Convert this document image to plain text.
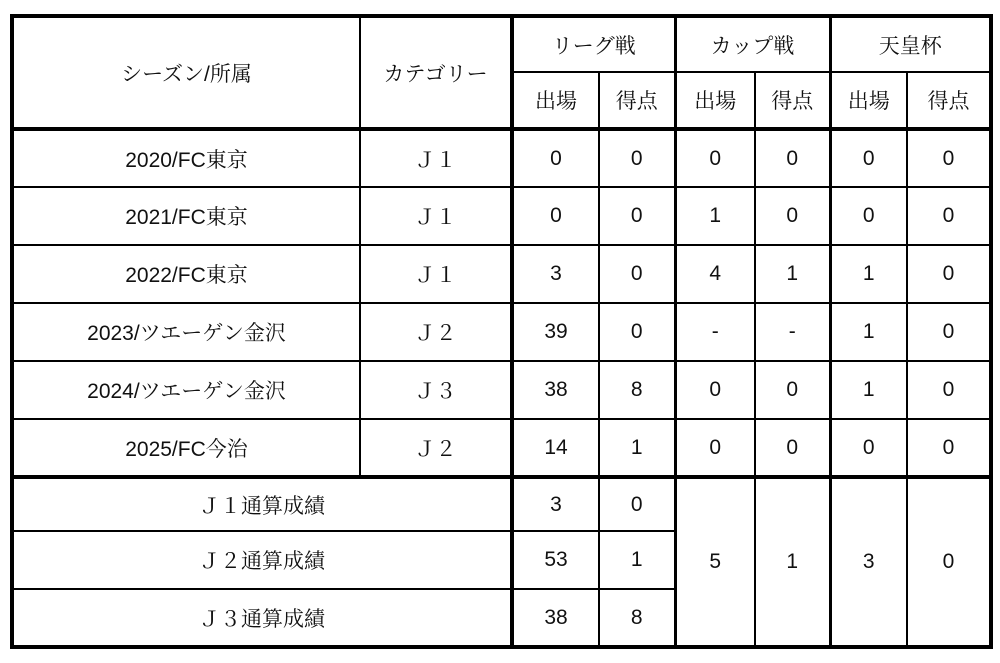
シーズン/所属	カテゴリー	リーグ戦		カップ戦		天皇杯	
		出場	得点	出場	得点	出場	得点
2020/FC東京	Ｊ１	0	0	0	0	0	0
2021/FC東京	Ｊ１	0	0	1	0	0	0
2022/FC東京	Ｊ１	3	0	4	1	1	0
2023/ツエーゲン金沢	Ｊ２	39	0	-	-	1	0
2024/ツエーゲン金沢	Ｊ３	38	8	0	0	1	0
2025/FC今治	Ｊ２	14	1	0	0	0	0
Ｊ１通算成績		3	0	5	1	3	0
Ｊ２通算成績		53	1				
Ｊ３通算成績		38	8				
